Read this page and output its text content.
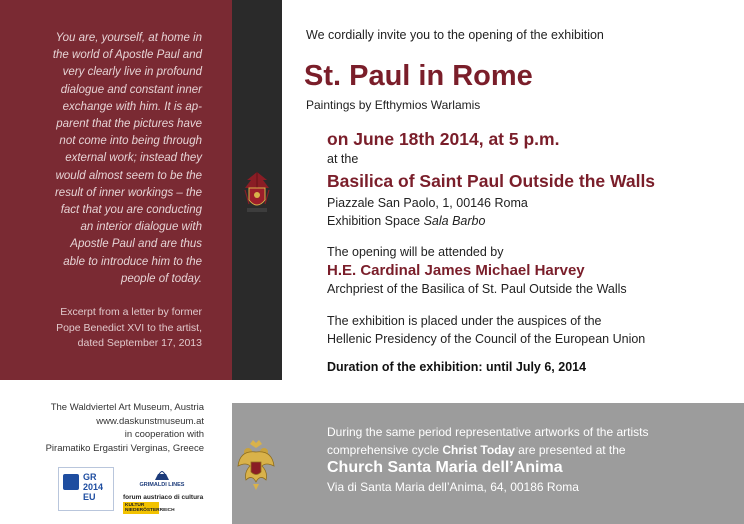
You are, yourself, at home in
the world of Apostle Paul and
very clearly live in profound
dialogue and constant inner
exchange with him. It is ap-
parent that the pictures have
not come into being through
external work; instead they
would almost seem to be the
result of inner workings – the
fact that you are conducting
an interior dialogue with
Apostle Paul and are thus
able to introduce him to the
people of today.

Excerpt from a letter by former
Pope Benedict XVI to the artist,
dated September 17, 2013

We cordially invite you to the opening of the exhibition

St. Paul in Rome

Paintings by Efthymios Warlamis

on June 18th 2014, at 5 p.m.

at the

Basilica of Saint Paul Outside the Walls

Piazzale San Paolo, 1, 00146 Roma
Exhibition Space Sala Barbo

The opening will be attended by

H.E. Cardinal James Michael Harvey

Archpriest of the Basilica of St. Paul Outside the Walls

The exhibition is placed under the auspices of the
Hellenic Presidency of the Council of the European Union

Duration of the exhibition: until July 6, 2014

The Waldviertel Art Museum, Austria
www.daskunstmuseum.at
in cooperation with
Piramatiko Ergastiri Verginas, Greece

GR
2014
EU

GRIMALDI LINES

forum austriaco di cultura

KULTUR
NIEDERÖSTERREICH

During the same period representative artworks of the artists
comprehensive cycle Christ Today are presented at the

Church Santa Maria dell’Anima

Via di Santa Maria dell’Anima, 64, 00186 Roma
